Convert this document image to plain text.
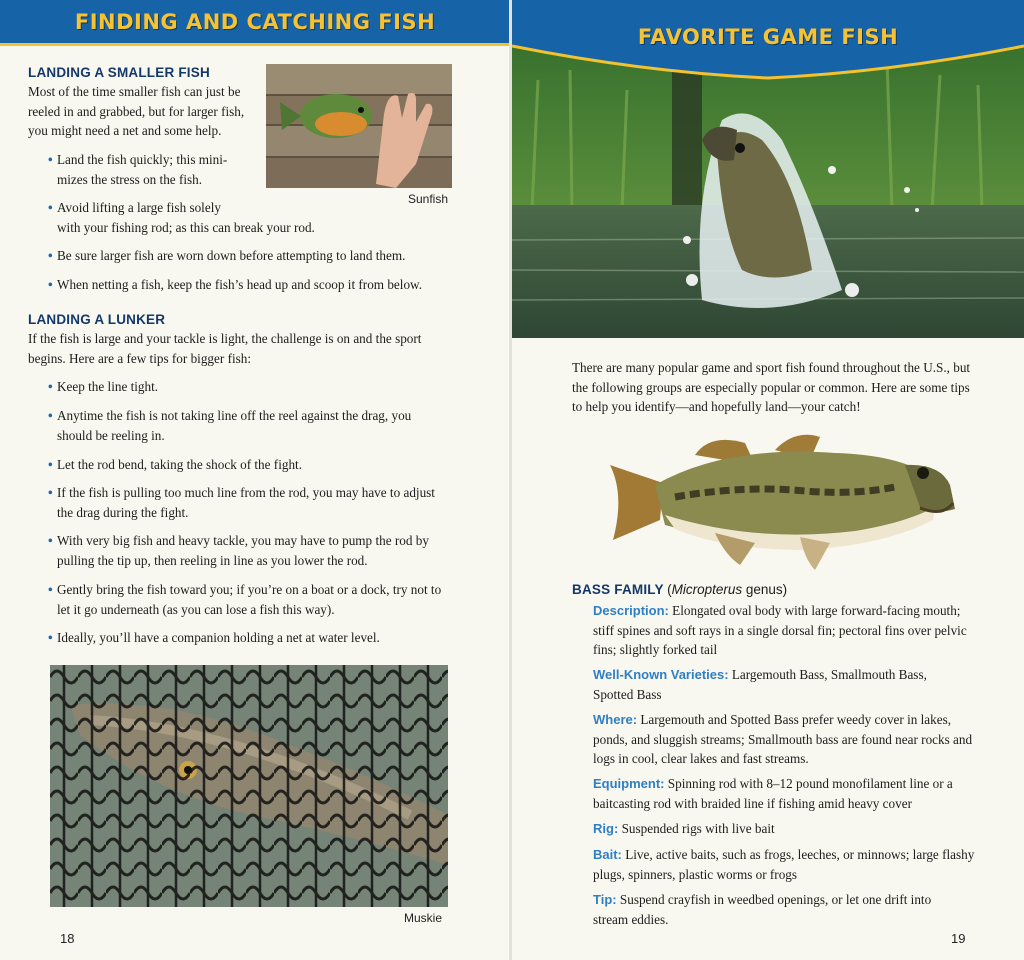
FINDING AND CATCHING FISH
LANDING A SMALLER FISH
Most of the time smaller fish can just be
reeled in and grabbed, but for larger fish,
you might need a net and some help.
• Land the fish quickly; this mini-
mizes the stress on the fish.
• Avoid lifting a large fish solely
with your fishing rod; as this can break your rod.
• Be sure larger fish are worn down before attempting to land them.
• When netting a fish, keep the fish’s head up and scoop it from below.
Sunfish
LANDING A LUNKER
If the fish is large and your tackle is light, the challenge is on and the sport
begins. Here are a few tips for bigger fish:
• Keep the line tight.
• Anytime the fish is not taking line off the reel against the drag, you
should be reeling in.
• Let the rod bend, taking the shock of the fight.
• If the fish is pulling too much line from the rod, you may have to adjust
the drag during the fight.
• With very big fish and heavy tackle, you may have to pump the rod by
pulling the tip up, then reeling in line as you lower the rod.
• Gently bring the fish toward you; if you’re on a boat or a dock, try not to
let it go underneath (as you can lose a fish this way).
• Ideally, you’ll have a companion holding a net at water level.
Muskie
18
FAVORITE GAME FISH
There are many popular game and sport fish found throughout the U.S., but
the following groups are especially popular or common. Here are some tips
to help you identify—and hopefully land—your catch!
BASS FAMILY (Micropterus genus)
Description: Elongated oval body with large forward-facing mouth;
stiff spines and soft rays in a single dorsal fin; pectoral fins over pelvic
fins; slightly forked tail
Well-Known Varieties: Largemouth Bass, Smallmouth Bass,
Spotted Bass
Where: Largemouth and Spotted Bass prefer weedy cover in lakes,
ponds, and sluggish streams; Smallmouth bass are found near rocks and
logs in cool, clear lakes and fast streams.
Equipment: Spinning rod with 8–12 pound monofilament line or a
baitcasting rod with braided line if fishing amid heavy cover
Rig: Suspended rigs with live bait
Bait: Live, active baits, such as frogs, leeches, or minnows; large flashy
plugs, spinners, plastic worms or frogs
Tip: Suspend crayfish in weedbed openings, or let one drift into
stream eddies.
19
